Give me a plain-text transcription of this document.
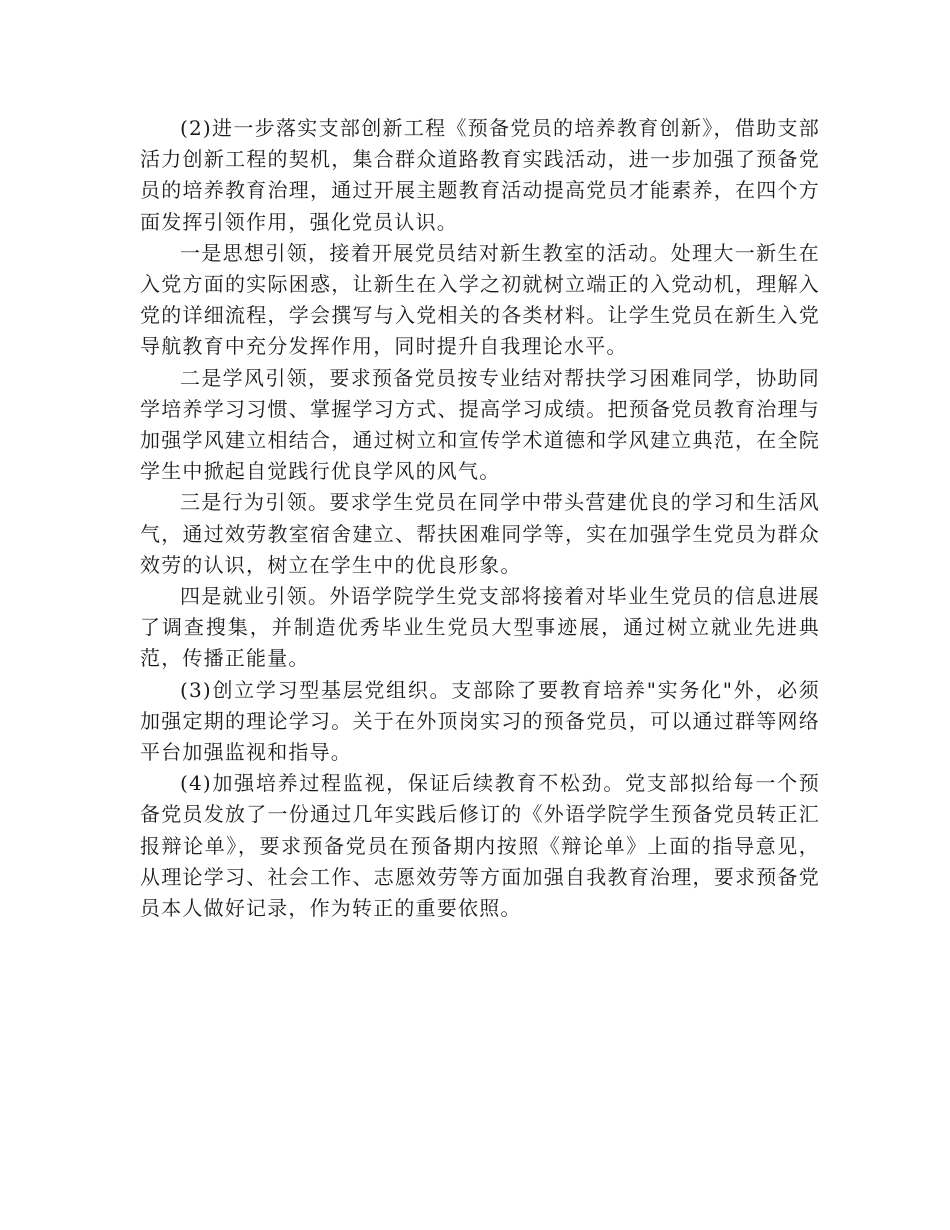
(2)进一步落实支部创新工程《预备党员的培养教育创新》，借助支部活力创新工程的契机，集合群众道路教育实践活动，进一步加强了预备党员的培养教育治理，通过开展主题教育活动提高党员才能素养，在四个方面发挥引领作用，强化党员认识。

一是思想引领，接着开展党员结对新生教室的活动。处理大一新生在入党方面的实际困惑，让新生在入学之初就树立端正的入党动机，理解入党的详细流程，学会撰写与入党相关的各类材料。让学生党员在新生入党导航教育中充分发挥作用，同时提升自我理论水平。

二是学风引领，要求预备党员按专业结对帮扶学习困难同学，协助同学培养学习习惯、掌握学习方式、提高学习成绩。把预备党员教育治理与加强学风建立相结合，通过树立和宣传学术道德和学风建立典范，在全院学生中掀起自觉践行优良学风的风气。

三是行为引领。要求学生党员在同学中带头营建优良的学习和生活风气，通过效劳教室宿舍建立、帮扶困难同学等，实在加强学生党员为群众效劳的认识，树立在学生中的优良形象。

四是就业引领。外语学院学生党支部将接着对毕业生党员的信息进展了调查搜集，并制造优秀毕业生党员大型事迹展，通过树立就业先进典范，传播正能量。

(3)创立学习型基层党组织。支部除了要教育培养"实务化"外，必须加强定期的理论学习。关于在外顶岗实习的预备党员，可以通过群等网络平台加强监视和指导。

(4)加强培养过程监视，保证后续教育不松劲。党支部拟给每一个预备党员发放了一份通过几年实践后修订的《外语学院学生预备党员转正汇报辩论单》，要求预备党员在预备期内按照《辩论单》上面的指导意见，从理论学习、社会工作、志愿效劳等方面加强自我教育治理，要求预备党员本人做好记录，作为转正的重要依照。
